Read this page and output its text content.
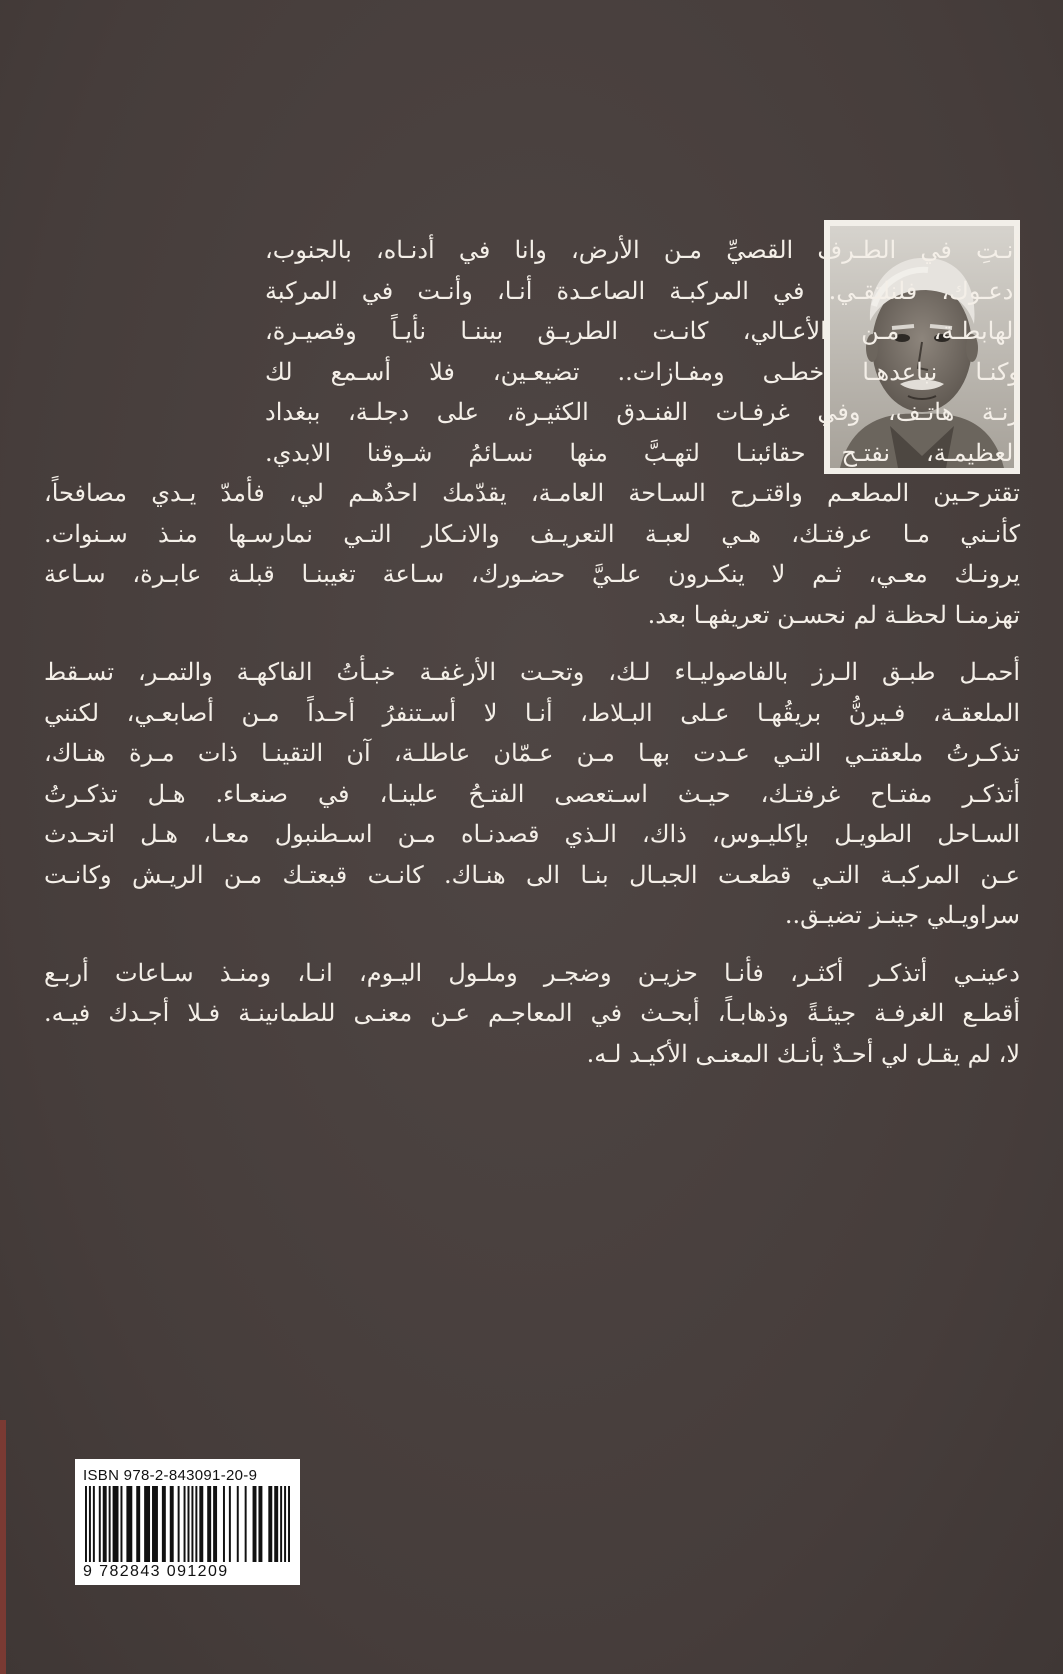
أنـتِ في الطـرف القصيِّ مـن الأرض، وانا في أدنـاه، بالجنوب،
أدعـوك، فلنلتقـي. في المركبـة الصاعـدة أنـا، وأنـت في المركبة
الهابطـة، مـن الأعـالي، كانـت الطريـق بيننـا نأيـاً وقصيـرة،
وكنـا نباعدهـا خطـى ومفـازات.. تضيعـين، فلا أسـمع لك
رنـة هاتـف، وفي غرفـات الفنـدق الكثيـرة، على دجلـة، ببغداد
العظيمـة، نفتـح حقائبنـا لتهـبَّ منها نسـائمُ شـوقنا الابدي.
تقترحـين المطعـم واقتـرح السـاحة العامـة، يقدّمك احدُهـم لي، فأمدّ يـدي مصافحاً،
كأنـني مـا عرفتـك، هـي لعبـة التعريـف والانـكار التـي نمارسـها منـذ سـنوات.
يرونـك معـي، ثـم لا ينكـرون علـيَّ حضـورك، سـاعة تغيبنـا قبلـة عابـرة، سـاعة
تهزمنـا لحظـة لم نحسـن تعريفهـا بعد.
أحمـل طبـق الـرز بالفاصوليـاء لـك، وتحـت الأرغفـة خبـأتُ الفاكهـة والتمـر، تسـقط
الملعقـة، فـيرنُّ بريقُهـا عـلى البـلاط، أنـا لا أسـتنفرُ أحـداً مـن أصابعـي، لكنني
تذكـرتُ ملعقتـي التـي عـدت بهـا مـن عـمّان عاطلـة، آن التقينـا ذات مـرة هنـاك،
أتذكـر مفتـاح غرفتـك، حيـث اسـتعصى الفتـحُ علينـا، في صنعـاء. هـل تذكـرتُ
السـاحل الطويـل بإكليـوس، ذاك، الـذي قصدنـاه مـن اسـطنبول معـا، هـل اتحـدث
عـن المركبـة التـي قطعـت الجبـال بنـا الى هنـاك. كانـت قبعتـك مـن الريـش وكانـت
سراويـلي جينـز تضيـق..
دعينـي أتذكـر أكثـر، فأنـا حزيـن وضجـر وملـول اليـوم، انـا، ومنـذ سـاعات أربـع
أقطـع الغرفـة جيئـةً وذهابـاً، أبحـث في المعاجـم عـن معنـى للطمانينـة فـلا أجـدك فيـه.
لا، لم يقـل لي أحـدٌ بأنـك المعنـى الأكيـد لـه.
ISBN 978-2-843091-20-9
9 782843 091209
